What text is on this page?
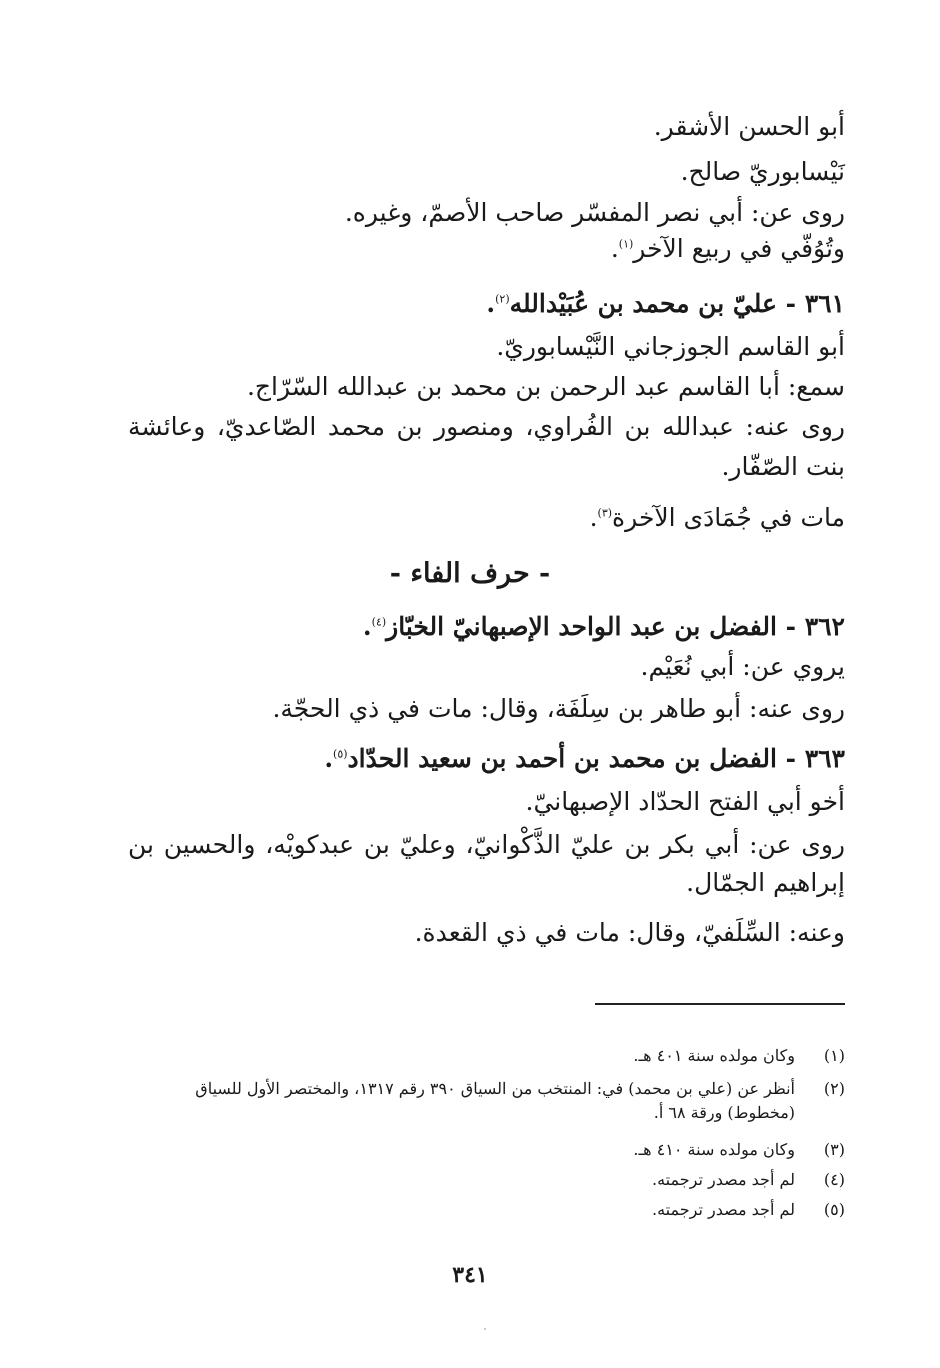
أبو الحسن الأشقر.
نَيْسابوريّ صالح.
روى عن: أبي نصر المفسّر صاحب الأصمّ، وغيره.
وتُوُفّي في ربيع الآخر$^{(١)}$.
٣٦١ - عليّ بن محمد بن عُبَيْدالله$^{(٢)}$.
أبو القاسم الجوزجاني النَّيْسابوريّ.
سمع: أبا القاسم عبد الرحمن بن محمد بن عبدالله السّرّاج.
روى عنه: عبدالله بن الفُراوي، ومنصور بن محمد الصّاعديّ، وعائشة
بنت الصّفّار.
مات في جُمَادَى الآخرة$^{(٣)}$.
- حرف الفاء -
٣٦٢ - الفضل بن عبد الواحد الإصبهانيّ الخبّاز$^{(٤)}$.
يروي عن: أبي نُعَيْم.
روى عنه: أبو طاهر بن سِلَفَة، وقال: مات في ذي الحجّة.
٣٦٣ - الفضل بن محمد بن أحمد بن سعيد الحدّاد$^{(٥)}$.
أخو أبي الفتح الحدّاد الإصبهانيّ.
روى عن: أبي بكر بن عليّ الذَّكْوانيّ، وعليّ بن عبدكويْه، والحسين بن
إبراهيم الجمّال.
وعنه: السِّلَفيّ، وقال: مات في ذي القعدة.
(١)
وكان مولده سنة ٤٠١ هـ.
(٢)
أنظر عن (علي بن محمد) في: المنتخب من السياق ٣٩٠ رقم ١٣١٧، والمختصر الأول للسياق (مخطوط) ورقة ٦٨ أ.
(٣)
وكان مولده سنة ٤١٠ هـ.
(٤)
لم أجد مصدر ترجمته.
(٥)
لم أجد مصدر ترجمته.
٣٤١
